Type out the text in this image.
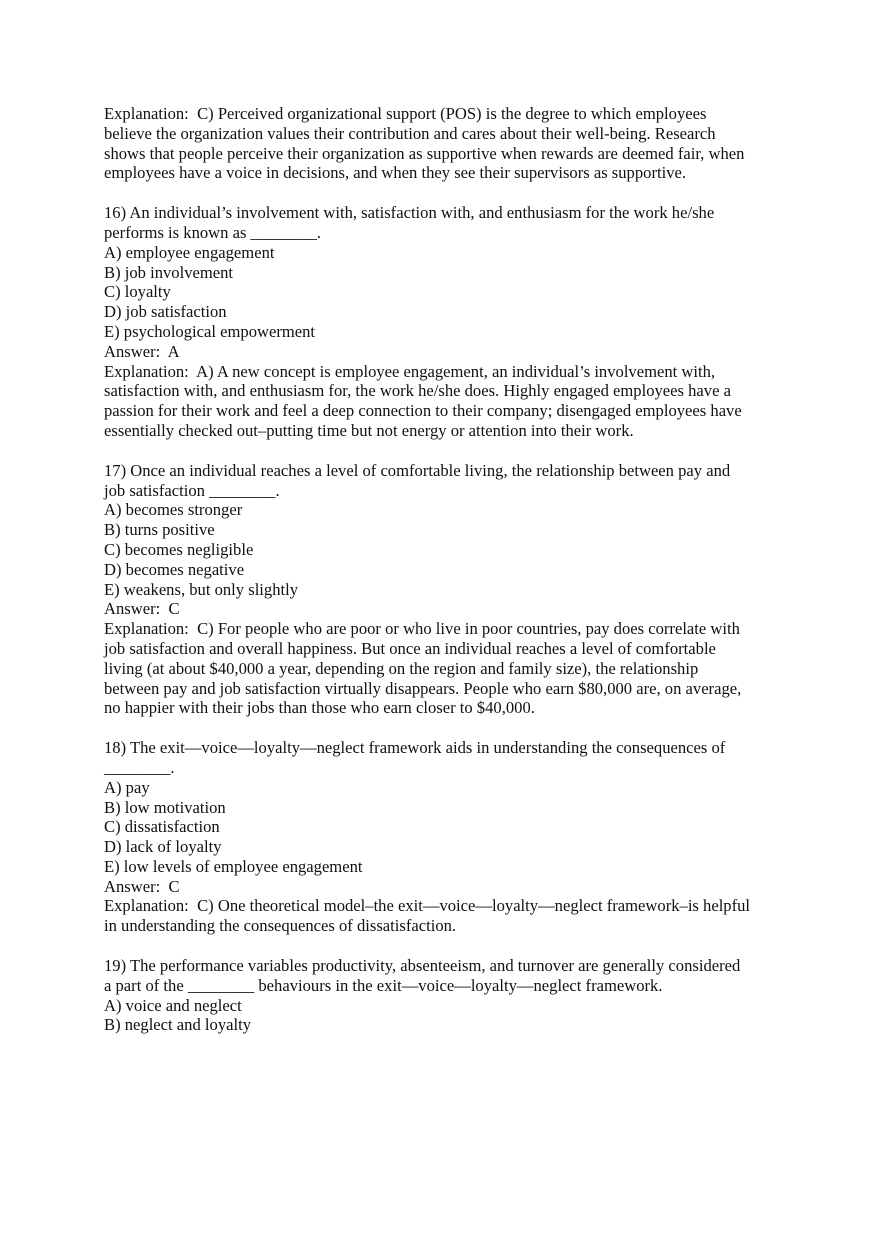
Explanation:  C) Perceived organizational support (POS) is the degree to which employees
believe the organization values their contribution and cares about their well-being. Research
shows that people perceive their organization as supportive when rewards are deemed fair, when
employees have a voice in decisions, and when they see their supervisors as supportive.
16) An individual’s involvement with, satisfaction with, and enthusiasm for the work he/she
performs is known as ________.
A) employee engagement
B) job involvement
C) loyalty
D) job satisfaction
E) psychological empowerment
Answer:  A
Explanation:  A) A new concept is employee engagement, an individual’s involvement with,
satisfaction with, and enthusiasm for, the work he/she does. Highly engaged employees have a
passion for their work and feel a deep connection to their company; disengaged employees have
essentially checked out–putting time but not energy or attention into their work.
17) Once an individual reaches a level of comfortable living, the relationship between pay and
job satisfaction ________.
A) becomes stronger
B) turns positive
C) becomes negligible
D) becomes negative
E) weakens, but only slightly
Answer:  C
Explanation:  C) For people who are poor or who live in poor countries, pay does correlate with
job satisfaction and overall happiness. But once an individual reaches a level of comfortable
living (at about $40,000 a year, depending on the region and family size), the relationship
between pay and job satisfaction virtually disappears. People who earn $80,000 are, on average,
no happier with their jobs than those who earn closer to $40,000.
18) The exit—voice—loyalty—neglect framework aids in understanding the consequences of
________.
A) pay
B) low motivation
C) dissatisfaction
D) lack of loyalty
E) low levels of employee engagement
Answer:  C
Explanation:  C) One theoretical model–the exit—voice—loyalty—neglect framework–is helpful
in understanding the consequences of dissatisfaction.
19) The performance variables productivity, absenteeism, and turnover are generally considered
a part of the ________ behaviours in the exit—voice—loyalty—neglect framework.
A) voice and neglect
B) neglect and loyalty
